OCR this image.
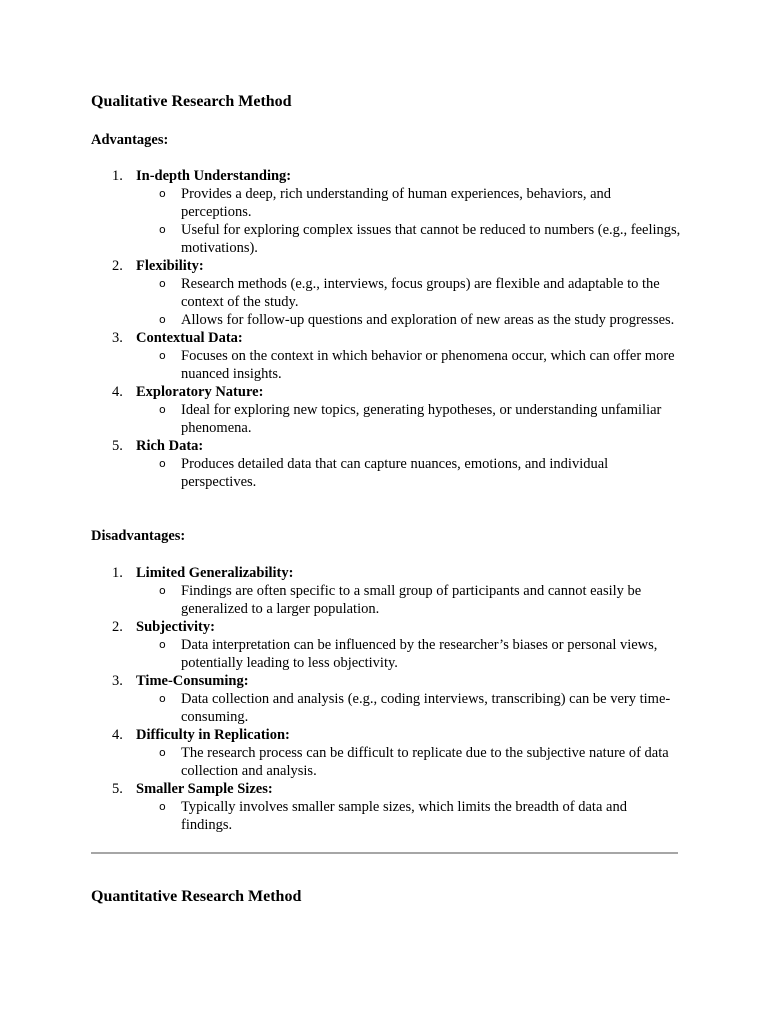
Qualitative Research Method

Advantages:

1. In-depth Understanding:
o Provides a deep, rich understanding of human experiences, behaviors, and perceptions.
o Useful for exploring complex issues that cannot be reduced to numbers (e.g., feelings, motivations).
2. Flexibility:
o Research methods (e.g., interviews, focus groups) are flexible and adaptable to the context of the study.
o Allows for follow-up questions and exploration of new areas as the study progresses.
3. Contextual Data:
o Focuses on the context in which behavior or phenomena occur, which can offer more nuanced insights.
4. Exploratory Nature:
o Ideal for exploring new topics, generating hypotheses, or understanding unfamiliar phenomena.
5. Rich Data:
o Produces detailed data that can capture nuances, emotions, and individual perspectives.

Disadvantages:

1. Limited Generalizability:
o Findings are often specific to a small group of participants and cannot easily be generalized to a larger population.
2. Subjectivity:
o Data interpretation can be influenced by the researcher’s biases or personal views, potentially leading to less objectivity.
3. Time-Consuming:
o Data collection and analysis (e.g., coding interviews, transcribing) can be very time-consuming.
4. Difficulty in Replication:
o The research process can be difficult to replicate due to the subjective nature of data collection and analysis.
5. Smaller Sample Sizes:
o Typically involves smaller sample sizes, which limits the breadth of data and findings.
Quantitative Research Method
